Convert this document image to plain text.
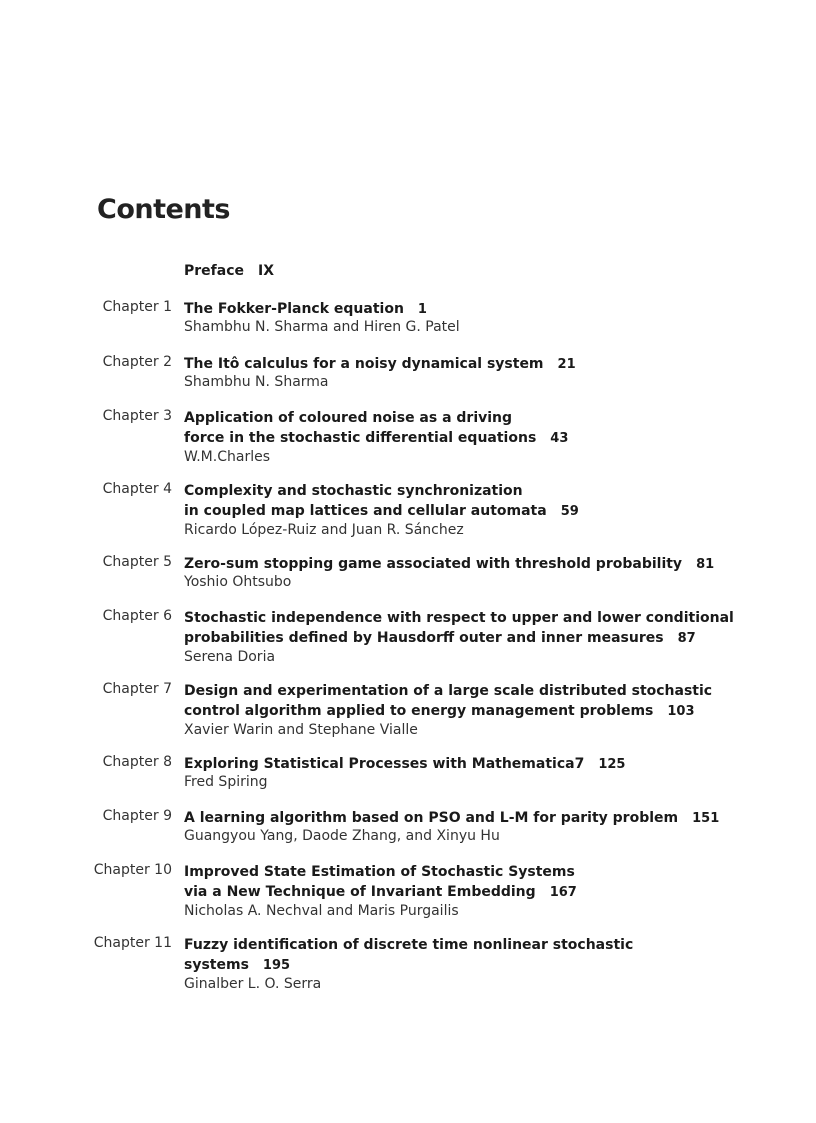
Contents
Preface IX
Chapter 1 The Fokker-Planck equation 1
Shambhu N. Sharma and Hiren G. Patel
Chapter 2 The Itô calculus for a noisy dynamical system 21
Shambhu N. Sharma
Chapter 3 Application of coloured noise as a driving
force in the stochastic differential equations 43
W.M.Charles
Chapter 4 Complexity and stochastic synchronization
in coupled map lattices and cellular automata 59
Ricardo López-Ruiz and Juan R. Sánchez
Chapter 5 Zero-sum stopping game associated with threshold probability 81
Yoshio Ohtsubo
Chapter 6 Stochastic independence with respect to upper and lower conditional
probabilities defined by Hausdorff outer and inner measures 87
Serena Doria
Chapter 7 Design and experimentation of a large scale distributed stochastic
control algorithm applied to energy management problems 103
Xavier Warin and Stephane Vialle
Chapter 8 Exploring Statistical Processes with Mathematica7 125
Fred Spiring
Chapter 9 A learning algorithm based on PSO and L-M for parity problem 151
Guangyou Yang, Daode Zhang, and Xinyu Hu
Chapter 10 Improved State Estimation of Stochastic Systems
via a New Technique of Invariant Embedding 167
Nicholas A. Nechval and Maris Purgailis
Chapter 11 Fuzzy identification of discrete time nonlinear stochastic systems 195
Ginalber L. O. Serra
